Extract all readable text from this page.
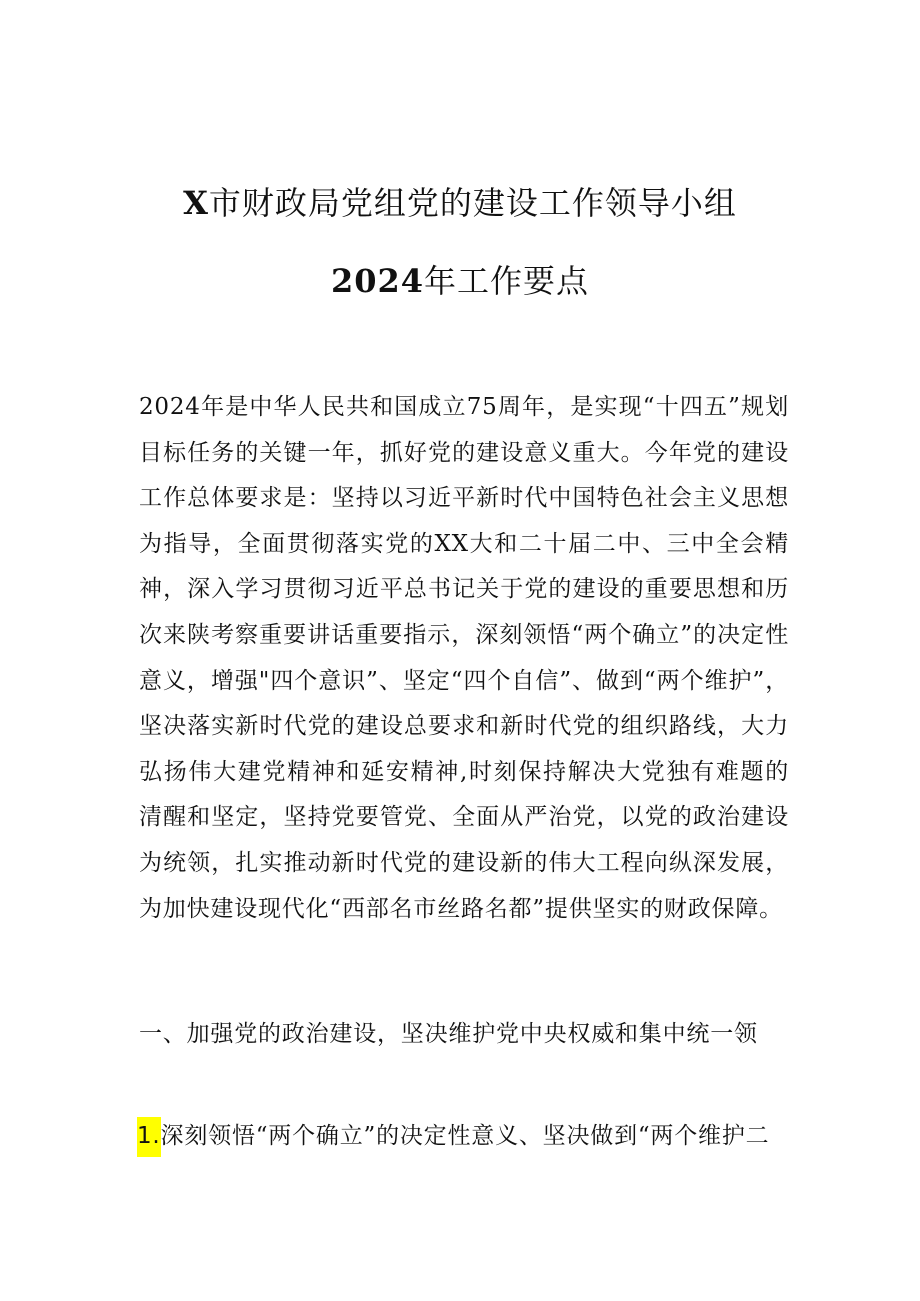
X市财政局党组党的建设工作领导小组
2024年工作要点

2024年是中华人民共和国成立75周年，是实现“十四五”规划目标任务的关键一年，抓好党的建设意义重大。今年党的建设工作总体要求是：坚持以习近平新时代中国特色社会主义思想为指导，全面贯彻落实党的XX大和二十届二中、三中全会精神，深入学习贯彻习近平总书记关于党的建设的重要思想和历次来陕考察重要讲话重要指示，深刻领悟“两个确立”的决定性意义，增强"四个意识”、坚定“四个自信”、做到“两个维护”，坚决落实新时代党的建设总要求和新时代党的组织路线，大力弘扬伟大建党精神和延安精神,时刻保持解决大党独有难题的清醒和坚定，坚持党要管党、全面从严治党，以党的政治建设为统领，扎实推动新时代党的建设新的伟大工程向纵深发展，为加快建设现代化“西部名市丝路名都”提供坚实的财政保障。

一、加强党的政治建设，坚决维护党中央权威和集中统一领

1.深刻领悟“两个确立”的决定性意义、坚决做到“两个维护二
